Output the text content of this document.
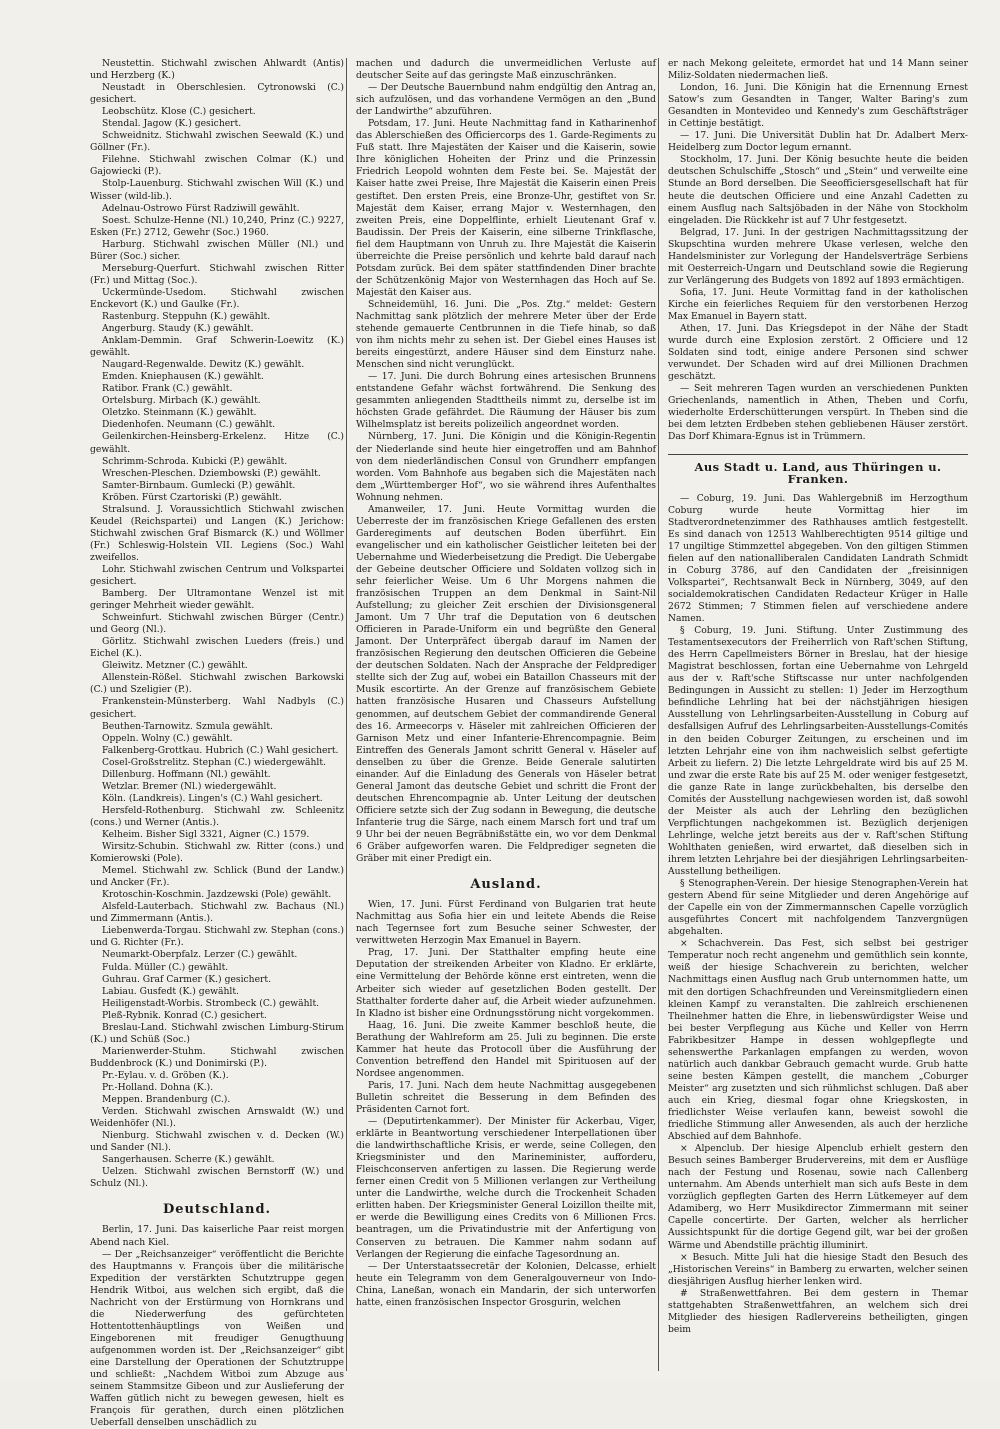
Neustettin. Stichwahl zwischen Ahlwardt (Antis) und Herzberg (K.)

Neustadt in Oberschlesien. Cytronowski (C.) gesichert.

Leobschütz. Klose (C.) gesichert.

Stendal. Jagow (K.) gesichert.

Schweidnitz. Stichwahl zwischen Seewald (K.) und Göllner (Fr.).

Filehne. Stichwahl zwischen Colmar (K.) und Gajowiecki (P.).

Stolp-Lauenburg. Stichwahl zwischen Will (K.) und Wisser (wild-lib.).

Adelnau-Ostrowo Fürst Radziwill gewählt.

Soest. Schulze-Henne (Nl.) 10,240, Prinz (C.) 9227, Esken (Fr.) 2712, Gewehr (Soc.) 1960.

Harburg. Stichwahl zwischen Müller (Nl.) und Bürer (Soc.) sicher.

Merseburg-Querfurt. Stichwahl zwischen Ritter (Fr.) und Mittag (Soc.).

Uckermünde-Usedom. Stichwahl zwischen Enckevort (K.) und Gaulke (Fr.).

Rastenburg. Steppuhn (K.) gewählt.

Angerburg. Staudy (K.) gewählt.

Anklam-Demmin. Graf Schwerin-Loewitz (K.) gewählt.

Naugard-Regenwalde. Dewitz (K.) gewählt.

Emden. Kniephausen (K.) gewählt.

Ratibor. Frank (C.) gewählt.

Ortelsburg. Mirbach (K.) gewählt.

Oletzko. Steinmann (K.) gewählt.

Diedenhofen. Neumann (C.) gewählt.

Geilenkirchen-Heinsberg-Erkelenz. Hitze (C.) gewählt.

Schrimm-Schroda. Kubicki (P.) gewählt.

Wreschen-Pleschen. Dziembowski (P.) gewählt.

Samter-Birnbaum. Gumlecki (P.) gewählt.

Kröben. Fürst Czartoriski (P.) gewählt.

Stralsund. J. Voraussichtlich Stichwahl zwischen Keudel (Reichspartei) und Langen (K.) Jerichow: Stichwahl zwischen Graf Bismarck (K.) und Wöllmer (Fr.) Schleswig-Holstein VII. Legiens (Soc.) Wahl zweifellos.

Lohr. Stichwahl zwischen Centrum und Volkspartei gesichert.

Bamberg. Der Ultramontane Wenzel ist mit geringer Mehrheit wieder gewählt.

Schweinfurt. Stichwahl zwischen Bürger (Centr.) und Georg (Nl.).

Görlitz. Stichwahl zwischen Lueders (freis.) und Eichel (K.).

Gleiwitz. Metzner (C.) gewählt.

Allenstein-Rößel. Stichwahl zwischen Barkowski (C.) und Szeligier (P.).

Frankenstein-Münsterberg. Wahl Nadbyls (C.) gesichert.

Beuthen-Tarnowitz. Szmula gewählt.

Oppeln. Wolny (C.) gewählt.

Falkenberg-Grottkau. Hubrich (C.) Wahl gesichert.

Cosel-Großstrelitz. Stephan (C.) wiedergewählt.

Dillenburg. Hoffmann (Nl.) gewählt.

Wetzlar. Bremer (Nl.) wiedergewählt.

Köln. (Landkreis). Lingen's (C.) Wahl gesichert.

Hersfeld-Rothenburg. Stichwahl zw. Schleenitz (cons.) und Werner (Antis.).

Kelheim. Bisher Sigl 3321, Aigner (C.) 1579.

Wirsitz-Schubin. Stichwahl zw. Ritter (cons.) und Komierowski (Pole).

Memel. Stichwahl zw. Schlick (Bund der Landw.) und Ancker (Fr.).

Krotoschin-Koschmin. Jazdzewski (Pole) gewählt.

Alsfeld-Lauterbach. Stichwahl zw. Bachaus (Nl.) und Zimmermann (Antis.).

Liebenwerda-Torgau. Stichwahl zw. Stephan (cons.) und G. Richter (Fr.).

Neumarkt-Oberpfalz. Lerzer (C.) gewählt.

Fulda. Müller (C.) gewählt.

Guhrau. Graf Carmer (K.) gesichert.

Labiau. Gusfedt (K.) gewählt.

Heiligenstadt-Worbis. Strombeck (C.) gewählt.

Pleß-Rybnik. Konrad (C.) gesichert.

Breslau-Land. Stichwahl zwischen Limburg-Stirum (K.) und Schüß (Soc.)

Marienwerder-Stuhm. Stichwahl zwischen Buddenbrock (K.) und Donimirski (P.).

Pr.-Eylau. v. d. Gröben (K.).

Pr.-Holland. Dohna (K.).

Meppen. Brandenburg (C.).

Verden. Stichwahl zwischen Arnswaldt (W.) und Weidenhöfer (Nl.).

Nienburg. Stichwahl zwischen v. d. Decken (W.) und Sander (Nl.).

Sangerhausen. Scherre (K.) gewählt.

Uelzen. Stichwahl zwischen Bernstorff (W.) und Schulz (Nl.).

Deutschland.

Berlin, 17. Juni. Das kaiserliche Paar reist morgen Abend nach Kiel.

— Der „Reichsanzeiger“ veröffentlicht die Berichte des Hauptmanns v. François über die militärische Expedition der verstärkten Schutztruppe gegen Hendrik Witboi, aus welchen sich ergibt, daß die Nachricht von der Erstürmung von Hornkrans und die Niederwerfung des gefürchteten Hottentottenhäuptlings von Weißen und Eingeborenen mit freudiger Genugthuung aufgenommen worden ist. Der „Reichsanzeiger“ gibt eine Darstellung der Operationen der Schutztruppe und schließt: „Nachdem Witboi zum Abzuge aus seinem Stammsitze Gibeon und zur Auslieferung der Waffen gütlich nicht zu bewegen gewesen, hielt es François für gerathen, durch einen plötzlichen Ueberfall denselben unschädlich zu

machen und dadurch die unvermeidlichen Verluste auf deutscher Seite auf das geringste Maß einzuschränken.

— Der Deutsche Bauernbund nahm endgültig den Antrag an, sich aufzulösen, und das vorhandene Vermögen an den „Bund der Landwirthe“ abzuführen.

Potsdam, 17. Juni. Heute Nachmittag fand in Katharinenhof das Ablerschießen des Officiercorps des 1. Garde-Regiments zu Fuß statt. Ihre Majestäten der Kaiser und die Kaiserin, sowie Ihre königlichen Hoheiten der Prinz und die Prinzessin Friedrich Leopold wohnten dem Feste bei. Se. Majestät der Kaiser hatte zwei Preise, Ihre Majestät die Kaiserin einen Preis gestiftet. Den ersten Preis, eine Bronze-Uhr, gestiftet von Sr. Majestät dem Kaiser, errang Major v. Westernhagen, den zweiten Preis, eine Doppelflinte, erhielt Lieutenant Graf v. Baudissin. Der Preis der Kaiserin, eine silberne Trinkflasche, fiel dem Hauptmann von Unruh zu. Ihre Majestät die Kaiserin überreichte die Preise persönlich und kehrte bald darauf nach Potsdam zurück. Bei dem später stattfindenden Diner brachte der Schützenkönig Major von Westernhagen das Hoch auf Se. Majestät den Kaiser aus.

Schneidemühl, 16. Juni. Die „Pos. Ztg.“ meldet: Gestern Nachmittag sank plötzlich der mehrere Meter über der Erde stehende gemauerte Centbrunnen in die Tiefe hinab, so daß von ihm nichts mehr zu sehen ist. Der Giebel eines Hauses ist bereits eingestürzt, andere Häuser sind dem Einsturz nahe. Menschen sind nicht verunglückt.

— 17. Juni. Die durch Bohrung eines artesischen Brunnens entstandene Gefahr wächst fortwährend. Die Senkung des gesammten anliegenden Stadttheils nimmt zu, derselbe ist im höchsten Grade gefährdet. Die Räumung der Häuser bis zum Wilhelmsplatz ist bereits polizeilich angeordnet worden.

Nürnberg, 17. Juni. Die Königin und die Königin-Regentin der Niederlande sind heute hier eingetroffen und am Bahnhof von dem niederländischen Consul von Grundherr empfangen worden. Vom Bahnhofe aus begaben sich die Majestäten nach dem „Württemberger Hof“, wo sie während ihres Aufenthaltes Wohnung nehmen.

Amanweiler, 17. Juni. Heute Vormittag wurden die Ueberreste der im französischen Kriege Gefallenen des ersten Garderegiments auf deutschen Boden überführt. Ein evangelischer und ein katholischer Geistlicher leiteten bei der Uebernahme und Wiederbeisetzung die Predigt. Die Uebergabe der Gebeine deutscher Officiere und Soldaten vollzog sich in sehr feierlicher Weise. Um 6 Uhr Morgens nahmen die französischen Truppen an dem Denkmal in Saint-Nil Aufstellung; zu gleicher Zeit erschien der Divisionsgeneral Jamont. Um 7 Uhr traf die Deputation von 6 deutschen Officieren in Parade-Uniform ein und begrüßte den General Jamont. Der Unterpräfect übergab darauf im Namen der französischen Regierung den deutschen Officieren die Gebeine der deutschen Soldaten. Nach der Ansprache der Feldprediger stellte sich der Zug auf, wobei ein Bataillon Chasseurs mit der Musik escortirte. An der Grenze auf französischem Gebiete hatten französische Husaren und Chasseurs Aufstellung genommen, auf deutschem Gebiet der commandirende General des 16. Armeecorps v. Häseler mit zahlreichen Officieren der Garnison Metz und einer Infanterie-Ehrencompagnie. Beim Eintreffen des Generals Jamont schritt General v. Häseler auf denselben zu über die Grenze. Beide Generale salutirten einander. Auf die Einladung des Generals von Häseler betrat General Jamont das deutsche Gebiet und schritt die Front der deutschen Ehrencompagnie ab. Unter Leitung der deutschen Officiere setzte sich der Zug sodann in Bewegung, die deutsche Infanterie trug die Särge, nach einem Marsch fort und traf um 9 Uhr bei der neuen Begräbnißstätte ein, wo vor dem Denkmal 6 Gräber aufgeworfen waren. Die Feldprediger segneten die Gräber mit einer Predigt ein.

Ausland.

Wien, 17. Juni. Fürst Ferdinand von Bulgarien trat heute Nachmittag aus Sofia hier ein und leitete Abends die Reise nach Tegernsee fort zum Besuche seiner Schwester, der verwittweten Herzogin Max Emanuel in Bayern.

Prag, 17. Juni. Der Statthalter empfing heute eine Deputation der streikenden Arbeiter von Kladno. Er erklärte, eine Vermittelung der Behörde könne erst eintreten, wenn die Arbeiter sich wieder auf gesetzlichen Boden gestellt. Der Statthalter forderte daher auf, die Arbeit wieder aufzunehmen. In Kladno ist bisher eine Ordnungsstörung nicht vorgekommen.

Haag, 16. Juni. Die zweite Kammer beschloß heute, die Berathung der Wahlreform am 25. Juli zu beginnen. Die erste Kammer hat heute das Protocoll über die Ausführung der Convention betreffend den Handel mit Spirituosen auf der Nordsee angenommen.

Paris, 17. Juni. Nach dem heute Nachmittag ausgegebenen Bulletin schreitet die Besserung in dem Befinden des Präsidenten Carnot fort.

— (Deputirtenkammer). Der Minister für Ackerbau, Viger, erklärte in Beantwortung verschiedener Interpellationen über die landwirthschaftliche Krisis, er werde, seine Collegen, den Kriegsminister und den Marineminister, aufforderu, Fleischconserven anfertigen zu lassen. Die Regierung werde ferner einen Credit von 5 Millionen verlangen zur Vertheilung unter die Landwirthe, welche durch die Trockenheit Schaden erlitten haben. Der Kriegsminister General Loizillon theilte mit, er werde die Bewilligung eines Credits von 6 Millionen Frcs. beantragen, um die Privatindustrie mit der Anfertigung von Conserven zu betrauen. Die Kammer nahm sodann auf Verlangen der Regierung die einfache Tagesordnung an.

— Der Unterstaatssecretär der Kolonien, Delcasse, erhielt heute ein Telegramm von dem Generalgouverneur von Indo-China, Laneßan, wonach ein Mandarin, der sich unterworfen hatte, einen französischen Inspector Grosgurin, welchen

er nach Mekong geleitete, ermordet hat und 14 Mann seiner Miliz-Soldaten niedermachen ließ.

London, 16. Juni. Die Königin hat die Ernennung Ernest Satow's zum Gesandten in Tanger, Walter Baring's zum Gesandten in Montevideo und Kennedy's zum Geschäftsträger in Cettinje bestätigt.

— 17. Juni. Die Universität Dublin hat Dr. Adalbert Merx-Heidelberg zum Doctor legum ernannt.

Stockholm, 17. Juni. Der König besuchte heute die beiden deutschen Schulschiffe „Stosch“ und „Stein“ und verweilte eine Stunde an Bord derselben. Die Seeofficiersgesellschaft hat für heute die deutschen Officiere und eine Anzahl Cadetten zu einem Ausflug nach Saltsjöbaden in der Nähe von Stockholm eingeladen. Die Rückkehr ist auf 7 Uhr festgesetzt.

Belgrad, 17. Juni. In der gestrigen Nachmittagssitzung der Skupschtina wurden mehrere Ukase verlesen, welche den Handelsminister zur Vorlegung der Handelsverträge Serbiens mit Oesterreich-Ungarn und Deutschland sowie die Regierung zur Verlängerung des Budgets von 1892 auf 1893 ermächtigen.

Sofia, 17. Juni. Heute Vormittag fand in der katholischen Kirche ein feierliches Requiem für den verstorbenen Herzog Max Emanuel in Bayern statt.

Athen, 17. Juni. Das Kriegsdepot in der Nähe der Stadt wurde durch eine Explosion zerstört. 2 Officiere und 12 Soldaten sind todt, einige andere Personen sind schwer verwundet. Der Schaden wird auf drei Millionen Drachmen geschätzt.

— Seit mehreren Tagen wurden an verschiedenen Punkten Griechenlands, namentlich in Athen, Theben und Corfu, wiederholte Erderschütterungen verspürt. In Theben sind die bei dem letzten Erdbeben stehen gebliebenen Häuser zerstört. Das Dorf Khimara-Egnus ist in Trümmern.

Aus Stadt u. Land, aus Thüringen u. Franken.

— Coburg, 19. Juni. Das Wahlergebniß im Herzogthum Coburg wurde heute Vormittag hier im Stadtverordnetenzimmer des Rathhauses amtlich festgestellt. Es sind danach von 12513 Wahlberechtigten 9514 giltige und 17 ungiltige Stimmzettel abgegeben. Von den giltigen Stimmen fielen auf den nationalliberalen Candidaten Landrath Schmidt in Coburg 3786, auf den Candidaten der „freisinnigen Volkspartei“, Rechtsanwalt Beck in Nürnberg, 3049, auf den socialdemokratischen Candidaten Redacteur Krüger in Halle 2672 Stimmen; 7 Stimmen fielen auf verschiedene andere Namen.

§ Coburg, 19. Juni. Stiftung. Unter Zustimmung des Testamentsexecutors der Freiherrlich von Raft'schen Stiftung, des Herrn Capellmeisters Börner in Breslau, hat der hiesige Magistrat beschlossen, fortan eine Uebernahme von Lehrgeld aus der v. Raft'sche Stiftscasse nur unter nachfolgenden Bedingungen in Aussicht zu stellen: 1) Jeder im Herzogthum befindliche Lehrling hat bei der nächstjährigen hiesigen Ausstellung von Lehrlingsarbeiten-Ausstellung in Coburg auf desfallsigen Aufruf des Lehrlingsarbeiten-Ausstellungs-Comités in den beiden Coburger Zeitungen, zu erscheinen und im letzten Lehrjahr eine von ihm nachweislich selbst gefertigte Arbeit zu liefern. 2) Die letzte Lehrgeldrate wird bis auf 25 M. und zwar die erste Rate bis auf 25 M. oder weniger festgesetzt, die ganze Rate in lange zurückbehalten, bis derselbe den Comités der Ausstellung nachgewiesen worden ist, daß sowohl der Meister als auch der Lehrling den bezüglichen Verpflichtungen nachgekommen ist. Bezüglich derjenigen Lehrlinge, welche jetzt bereits aus der v. Raft'schen Stiftung Wohlthaten genießen, wird erwartet, daß dieselben sich in ihrem letzten Lehrjahre bei der diesjährigen Lehrlingsarbeiten-Ausstellung betheiligen.

§ Stenographen-Verein. Der hiesige Stenographen-Verein hat gestern Abend für seine Mitglieder und deren Angehörige auf der Capelle ein von der Zimmermannschen Capelle vorzüglich ausgeführtes Concert mit nachfolgendem Tanzvergnügen abgehalten.

× Schachverein. Das Fest, sich selbst bei gestriger Temperatur noch recht angenehm und gemüthlich sein konnte, weiß der hiesige Schachverein zu berichten, welcher Nachmittags einen Ausflug nach Grub unternommen hatte, um mit den dortigen Schachfreunden und Vereinsmitgliedern einen kleinen Kampf zu veranstalten. Die zahlreich erschienenen Theilnehmer hatten die Ehre, in liebenswürdigster Weise und bei bester Verpflegung aus Küche und Keller von Herrn Fabrikbesitzer Hampe in dessen wohlgepflegte und sehenswerthe Parkanlagen empfangen zu werden, wovon natürlich auch dankbar Gebrauch gemacht wurde. Grub hatte seine besten Kämpen gestellt, die manchem „Coburger Meister“ arg zusetzten und sich rühmlichst schlugen. Daß aber auch ein Krieg, diesmal fogar ohne Kriegskosten, in friedlichster Weise verlaufen kann, beweist sowohl die friedliche Stimmung aller Anwesenden, als auch der herzliche Abschied auf dem Bahnhofe.

× Alpenclub. Der hiesige Alpenclub erhielt gestern den Besuch seines Bamberger Brudervereins, mit dem er Ausflüge nach der Festung und Rosenau, sowie nach Callenberg unternahm. Am Abends unterhielt man sich aufs Beste in dem vorzüglich gepflegten Garten des Herrn Lütkemeyer auf dem Adamiberg, wo Herr Musikdirector Zimmermann mit seiner Capelle concertirte. Der Garten, welcher als herrlicher Aussichtspunkt für die dortige Gegend gilt, war bei der großen Wärme und Abendstille prächtig illuminirt.

× Besuch. Mitte Juli hat die hiesige Stadt den Besuch des „Historischen Vereins“ in Bamberg zu erwarten, welcher seinen diesjährigen Ausflug hierher lenken wird.

# Straßenwettfahren. Bei dem gestern in Themar stattgehabten Straßenwettfahren, an welchem sich drei Mitglieder des hiesigen Radlervereins betheiligten, gingen beim
